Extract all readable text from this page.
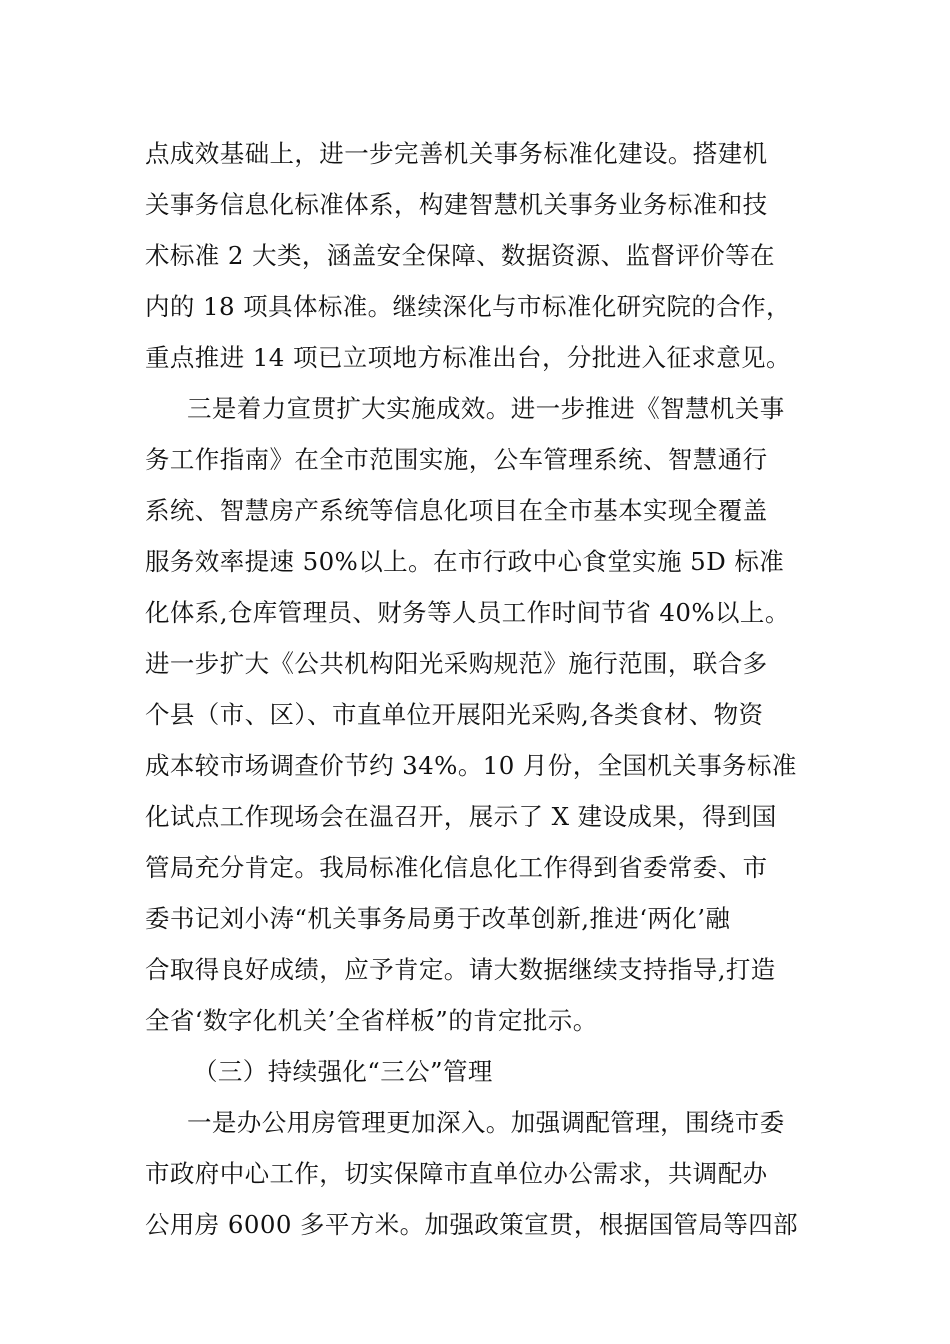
点成效基础上，进一步完善机关事务标准化建设。搭建机
关事务信息化标准体系，构建智慧机关事务业务标准和技
术标准 2 大类，涵盖安全保障、数据资源、监督评价等在
内的 18 项具体标准。继续深化与市标准化研究院的合作，
重点推进 14 项已立项地方标准出台，分批进入征求意见。
三是着力宣贯扩大实施成效。进一步推进《智慧机关事
务工作指南》在全市范围实施，公车管理系统、智慧通行
系统、智慧房产系统等信息化项目在全市基本实现全覆盖
服务效率提速 50%以上。在市行政中心食堂实施 5D 标准
化体系,仓库管理员、财务等人员工作时间节省 40%以上。
进一步扩大《公共机构阳光采购规范》施行范围，联合多
个县（市、区）、市直单位开展阳光采购,各类食材、物资
成本较市场调查价节约 34%。10 月份，全国机关事务标准
化试点工作现场会在温召开，展示了 X 建设成果，得到国
管局充分肯定。我局标准化信息化工作得到省委常委、市
委书记刘小涛“机关事务局勇于改革创新,推进‘两化’融
合取得良好成绩，应予肯定。请大数据继续支持指导,打造
全省‘数字化机关’全省样板”的肯定批示。
（三）持续强化“三公”管理
一是办公用房管理更加深入。加强调配管理，围绕市委
市政府中心工作，切实保障市直单位办公需求，共调配办
公用房 6000 多平方米。加强政策宣贯，根据国管局等四部
